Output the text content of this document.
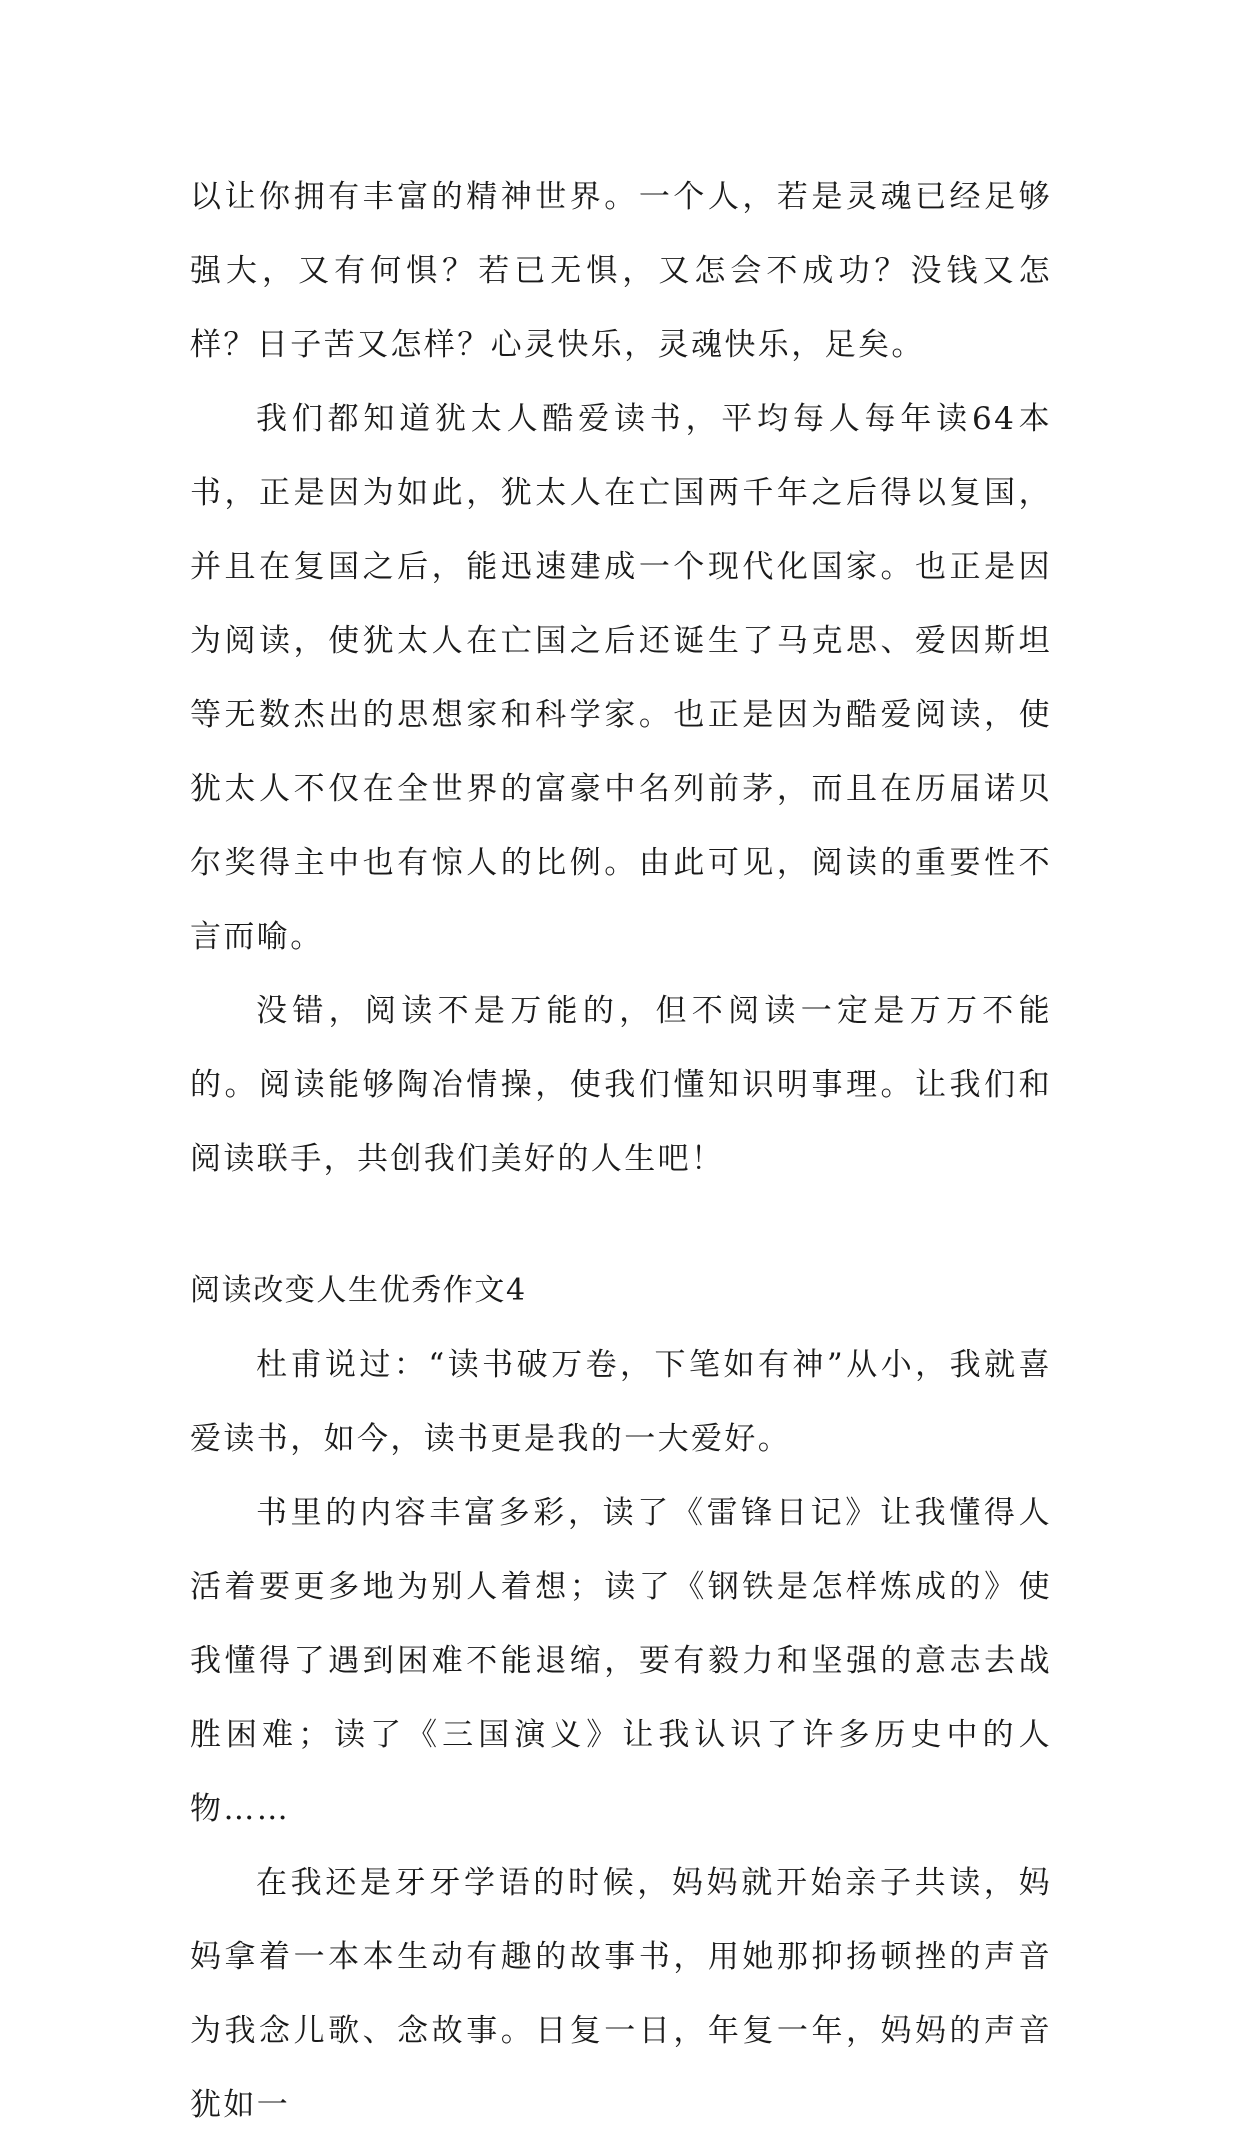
以让你拥有丰富的精神世界。一个人，若是灵魂已经足够强大，又有何惧？若已无惧，又怎会不成功？没钱又怎样？日子苦又怎样？心灵快乐，灵魂快乐，足矣。

我们都知道犹太人酷爱读书，平均每人每年读64本书，正是因为如此，犹太人在亡国两千年之后得以复国，并且在复国之后，能迅速建成一个现代化国家。也正是因为阅读，使犹太人在亡国之后还诞生了马克思、爱因斯坦等无数杰出的思想家和科学家。也正是因为酷爱阅读，使犹太人不仅在全世界的富豪中名列前茅，而且在历届诺贝尔奖得主中也有惊人的比例。由此可见，阅读的重要性不言而喻。

没错，阅读不是万能的，但不阅读一定是万万不能的。阅读能够陶冶情操，使我们懂知识明事理。让我们和阅读联手，共创我们美好的人生吧！

阅读改变人生优秀作文4

杜甫说过：“读书破万卷，下笔如有神”从小，我就喜爱读书，如今，读书更是我的一大爱好。

书里的内容丰富多彩，读了《雷锋日记》让我懂得人活着要更多地为别人着想；读了《钢铁是怎样炼成的》使我懂得了遇到困难不能退缩，要有毅力和坚强的意志去战胜困难；读了《三国演义》让我认识了许多历史中的人物……

在我还是牙牙学语的时候，妈妈就开始亲子共读，妈妈拿着一本本生动有趣的故事书，用她那抑扬顿挫的声音为我念儿歌、念故事。日复一日，年复一年，妈妈的声音犹如一
